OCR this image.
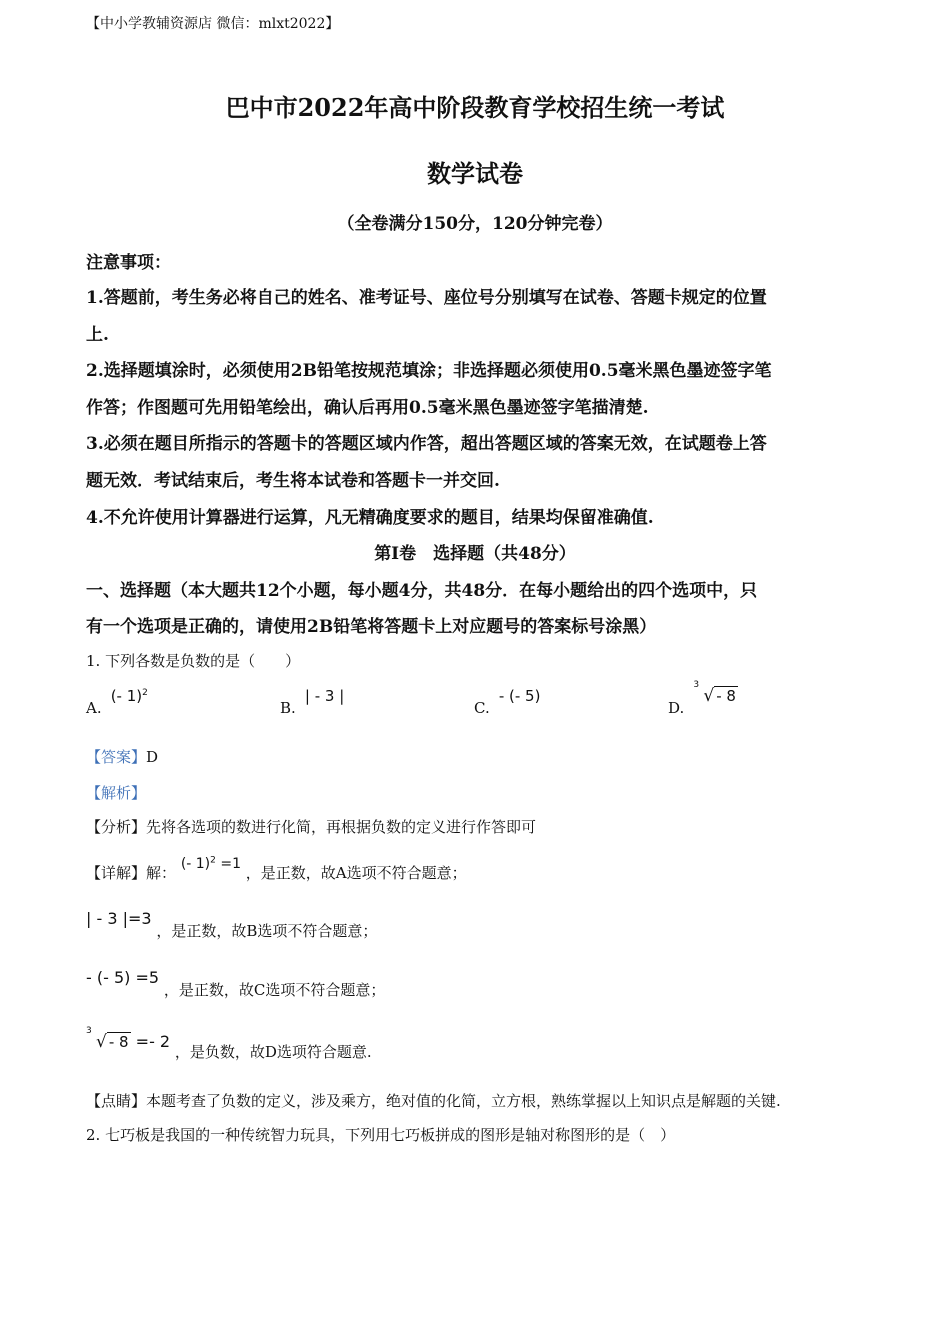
【中小学教辅资源店 微信：mlxt2022】
巴中市2022年高中阶段教育学校招生统一考试
数学试卷
（全卷满分150分，120分钟完卷）
注意事项：
1.答题前，考生务必将自己的姓名、准考证号、座位号分别填写在试卷、答题卡规定的位置
上.
2.选择题填涂时，必须使用2B铅笔按规范填涂；非选择题必须使用0.5毫米黑色墨迹签字笔
作答；作图题可先用铅笔绘出，确认后再用0.5毫米黑色墨迹签字笔描清楚.
3.必须在题目所指示的答题卡的答题区域内作答，超出答题区域的答案无效，在试题卷上答
题无效．考试结束后，考生将本试卷和答题卡一并交回.
4.不允许使用计算器进行运算，凡无精确度要求的题目，结果均保留准确值.
第Ⅰ卷　选择题（共48分）
一、选择题（本大题共12个小题，每小题4分，共48分．在每小题给出的四个选项中，只
有一个选项是正确的，请使用2B铅笔将答题卡上对应题号的答案标号涂黑）
1. 下列各数是负数的是（　　）
A. (- 1)$^2$
B. | - 3 |
C. - (- 5)
D.
3
√ - 8
【答案】D
【解析】
【分析】先将各选项的数进行化简，再根据负数的定义进行作答即可
【详解】解： (- 1)$^2$ =1 ，是正数，故A选项不符合题意；
| - 3 |=3 ，是正数，故B选项不符合题意；
- (- 5) =5 ，是正数，故C选项不符合题意；
3
√ - 8 =- 2 ，是负数，故D选项符合题意.
【点睛】本题考查了负数的定义，涉及乘方，绝对值的化简，立方根，熟练掌握以上知识点是解题的关键.
2. 七巧板是我国的一种传统智力玩具，下列用七巧板拼成的图形是轴对称图形的是（　）
